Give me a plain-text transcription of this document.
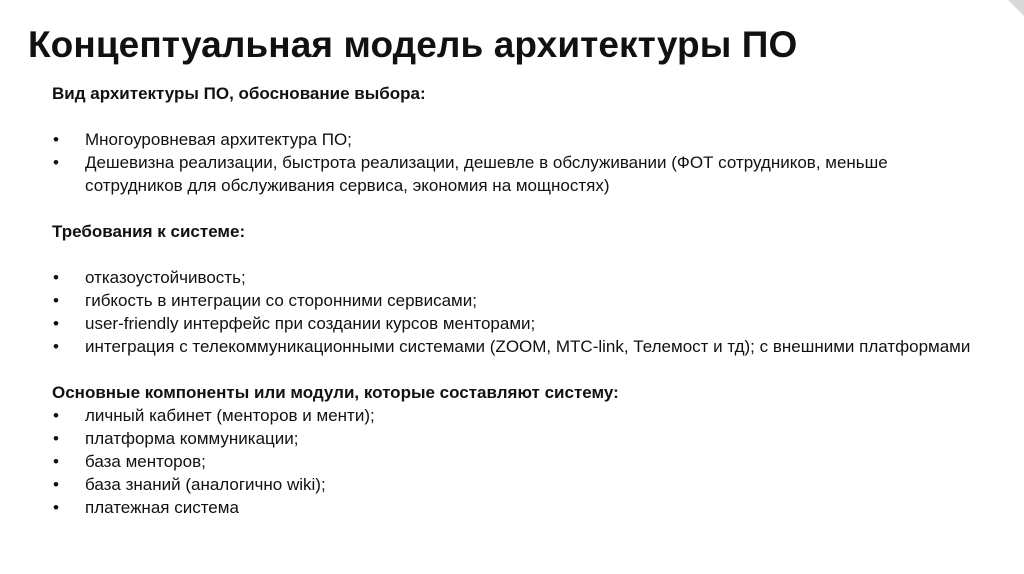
Концептуальная модель архитектуры ПО

Вид архитектуры ПО, обоснование выбора:

• Многоуровневая архитектура ПО;
• Дешевизна реализации, быстрота реализации, дешевле в обслуживании (ФОТ сотрудников, меньше сотрудников для обслуживания сервиса, экономия на мощностях)

Требования к системе:

• отказоустойчивость;
• гибкость в интеграции со сторонними сервисами;
• user-friendly интерфейс при создании курсов менторами;
• интеграция с телекоммуникационными системами (ZOOM, МТС-link, Телемост и тд); с внешними платформами

Основные компоненты или модули, которые составляют систему:

• личный кабинет (менторов и менти);
• платформа коммуникации;
• база менторов;
• база знаний (аналогично wiki);
• платежная система
